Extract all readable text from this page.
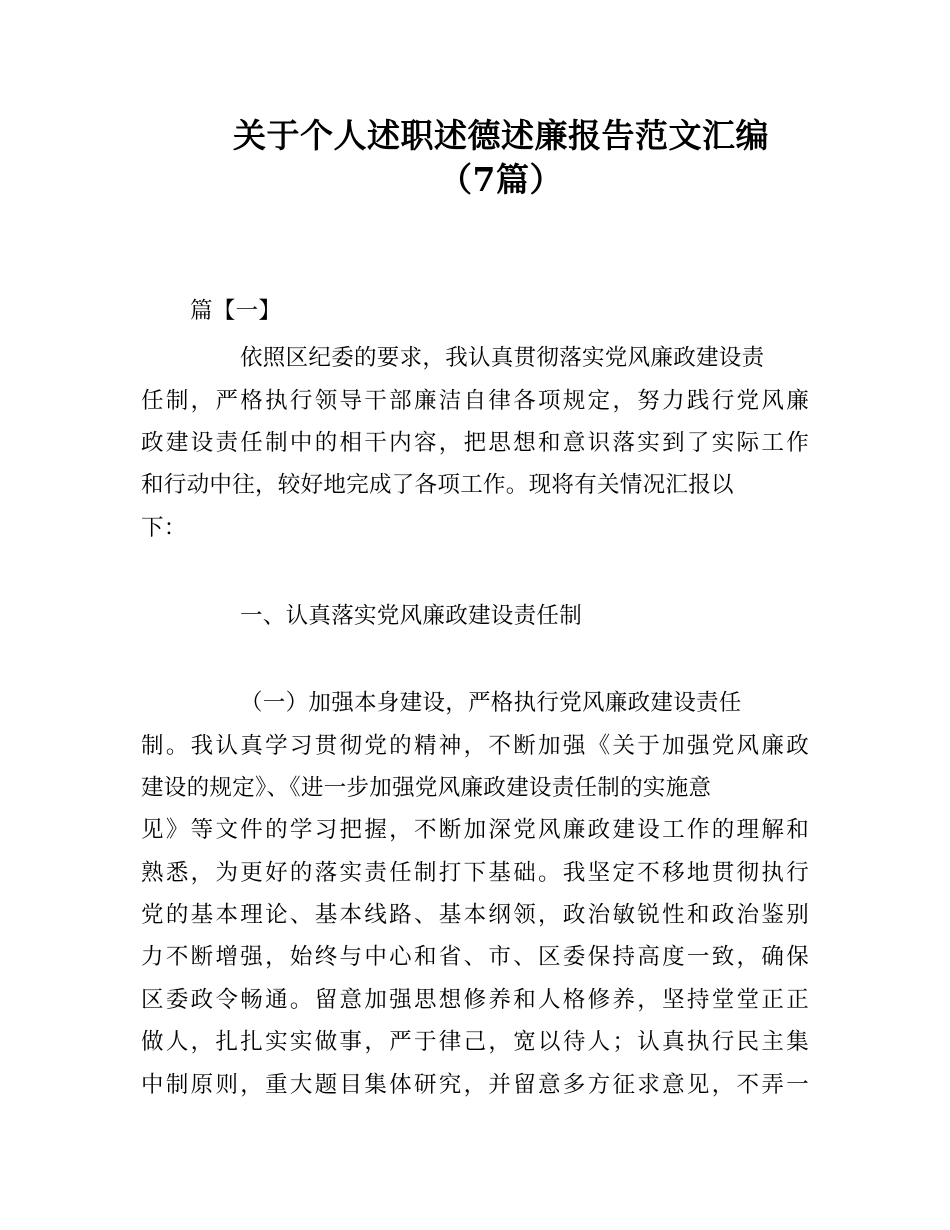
关于个人述职述德述廉报告范文汇编
（7篇）
篇【一】
依照区纪委的要求，我认真贯彻落实党风廉政建设责
任制，严格执行领导干部廉洁自律各项规定，努力践行党风廉
政建设责任制中的相干内容，把思想和意识落实到了实际工作
和行动中往，较好地完成了各项工作。现将有关情况汇报以
下：
一、认真落实党风廉政建设责任制
（一）加强本身建设，严格执行党风廉政建设责任
制。我认真学习贯彻党的精神，不断加强《关于加强党风廉政
建设的规定》、《进一步加强党风廉政建设责任制的实施意
见》等文件的学习把握，不断加深党风廉政建设工作的理解和
熟悉，为更好的落实责任制打下基础。我坚定不移地贯彻执行
党的基本理论、基本线路、基本纲领，政治敏锐性和政治鉴别
力不断增强，始终与中心和省、市、区委保持高度一致，确保
区委政令畅通。留意加强思想修养和人格修养，坚持堂堂正正
做人，扎扎实实做事，严于律己，宽以待人；认真执行民主集
中制原则，重大题目集体研究，并留意多方征求意见，不弄一
